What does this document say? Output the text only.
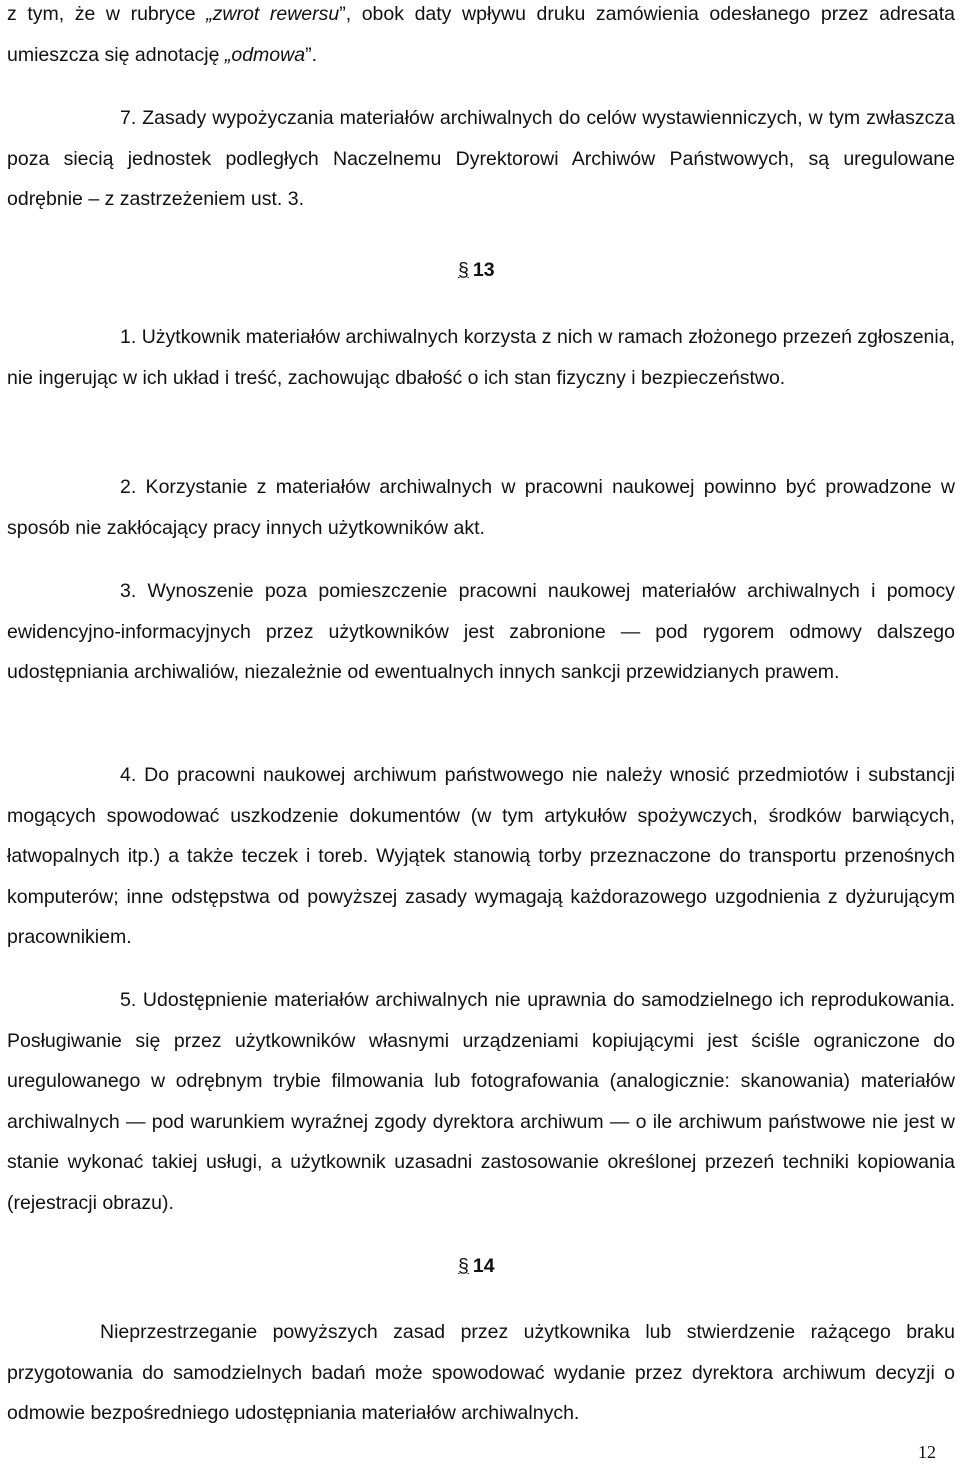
z tym, że w rubryce „zwrot rewersu”, obok daty wpływu druku zamówienia odesłanego przez adresata umieszcza się adnotację „odmowa”.

7. Zasady wypożyczania materiałów archiwalnych do celów wystawienniczych, w tym zwłaszcza poza siecią jednostek podległych Naczelnemu Dyrektorowi Archiwów Państwowych, są uregulowane odrębnie – z zastrzeżeniem ust. 3.

§ 13

1. Użytkownik materiałów archiwalnych korzysta z nich w ramach złożonego przezeń zgłoszenia, nie ingerując w ich układ i treść, zachowując dbałość o ich stan fizyczny i bezpieczeństwo.

2. Korzystanie z materiałów archiwalnych w pracowni naukowej powinno być prowadzone w sposób nie zakłócający pracy innych użytkowników akt.

3. Wynoszenie poza pomieszczenie pracowni naukowej materiałów archiwalnych i pomocy ewidencyjno-informacyjnych przez użytkowników jest zabronione — pod rygorem odmowy dalszego udostępniania archiwaliów, niezależnie od ewentualnych innych sankcji przewidzianych prawem.

4. Do pracowni naukowej archiwum państwowego nie należy wnosić przedmiotów i substancji mogących spowodować uszkodzenie dokumentów (w tym artykułów spożywczych, środków barwiących, łatwopalnych itp.) a także teczek i toreb. Wyjątek stanowią torby przeznaczone do transportu przenośnych komputerów; inne odstępstwa od powyższej zasady wymagają każdorazowego uzgodnienia z dyżurującym pracownikiem.

5. Udostępnienie materiałów archiwalnych nie uprawnia do samodzielnego ich reprodukowania. Posługiwanie się przez użytkowników własnymi urządzeniami kopiującymi jest ściśle ograniczone do uregulowanego w odrębnym trybie filmowania lub fotografowania (analogicznie: skanowania) materiałów archiwalnych — pod warunkiem wyraźnej zgody dyrektora archiwum — o ile archiwum państwowe nie jest w stanie wykonać takiej usługi, a użytkownik uzasadni zastosowanie określonej przezeń techniki kopiowania (rejestracji obrazu).

§ 14

Nieprzestrzeganie powyższych zasad przez użytkownika lub stwierdzenie rażącego braku przygotowania do samodzielnych badań może spowodować wydanie przez dyrektora archiwum decyzji o odmowie bezpośredniego udostępniania materiałów archiwalnych.

12
